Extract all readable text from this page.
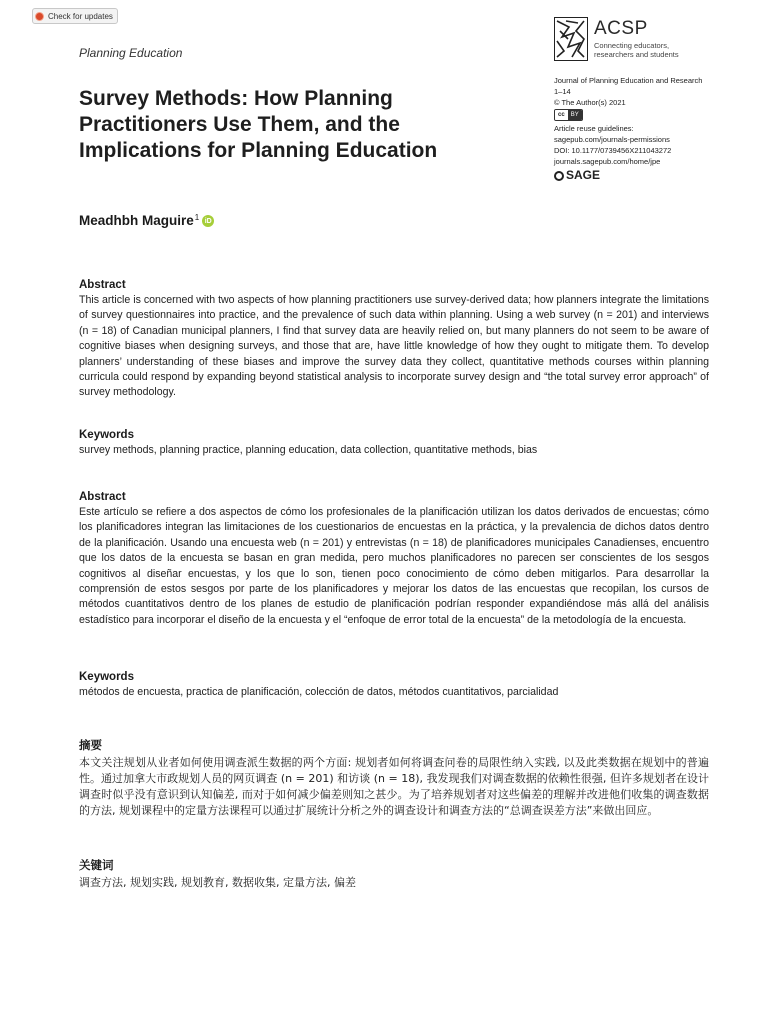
Check for updates
Planning Education
Survey Methods: How Planning Practitioners Use Them, and the Implications for Planning Education
Meadhbh Maguire$^1$ iD
ACSP
Connecting educators, researchers and students
Journal of Planning Education and Research
1–14
© The Author(s) 2021
cc	BY
Article reuse guidelines:
sagepub.com/journals-permissions
DOI: 10.1177/0739456X211043272
journals.sagepub.com/home/jpe
SAGE
Abstract

This article is concerned with two aspects of how planning practitioners use survey-derived data; how planners integrate the limitations of survey questionnaires into practice, and the prevalence of such data within planning. Using a web survey (n = 201) and interviews (n = 18) of Canadian municipal planners, I find that survey data are heavily relied on, but many planners do not seem to be aware of cognitive biases when designing surveys, and those that are, have little knowledge of how they ought to mitigate them. To develop planners’ understanding of these biases and improve the survey data they collect, quantitative methods courses within planning curricula could respond by expanding beyond statistical analysis to incorporate survey design and “the total survey error approach” of survey methodology.

Keywords

survey methods, planning practice, planning education, data collection, quantitative methods, bias

Abstract

Este artículo se refiere a dos aspectos de cómo los profesionales de la planificación utilizan los datos derivados de encuestas; cómo los planificadores integran las limitaciones de los cuestionarios de encuestas en la práctica, y la prevalencia de dichos datos dentro de la planificación. Usando una encuesta web (n = 201) y entrevistas (n = 18) de planificadores municipales Canadienses, encuentro que los datos de la encuesta se basan en gran medida, pero muchos planificadores no parecen ser conscientes de los sesgos cognitivos al diseñar encuestas, y los que lo son, tienen poco conocimiento de cómo deben mitigarlos. Para desarrollar la comprensión de estos sesgos por parte de los planificadores y mejorar los datos de las encuestas que recopilan, los cursos de métodos cuantitativos dentro de los planes de estudio de planificación podrían responder expandiéndose más allá del análisis estadístico para incorporar el diseño de la encuesta y el “enfoque de error total de la encuesta” de la metodología de la encuesta.

Keywords

métodos de encuesta, practica de planificación, colección de datos, métodos cuantitativos, parcialidad

摘要

本文关注规划从业者如何使用调查派生数据的两个方面: 规划者如何将调查问卷的局限性纳入实践, 以及此类数据在规划中的普遍性。通过加拿大市政规划人员的网页调查 (n = 201) 和访谈 (n = 18), 我发现我们对调查数据的依赖性很强, 但许多规划者在设计调查时似乎没有意识到认知偏差, 而对于如何减少偏差则知之甚少。为了培养规划者对这些偏差的理解并改进他们收集的调查数据的方法, 规划课程中的定量方法课程可以通过扩展统计分析之外的调查设计和调查方法的“总调查误差方法”来做出回应。

关键词

调查方法, 规划实践, 规划教育, 数据收集, 定量方法, 偏差
